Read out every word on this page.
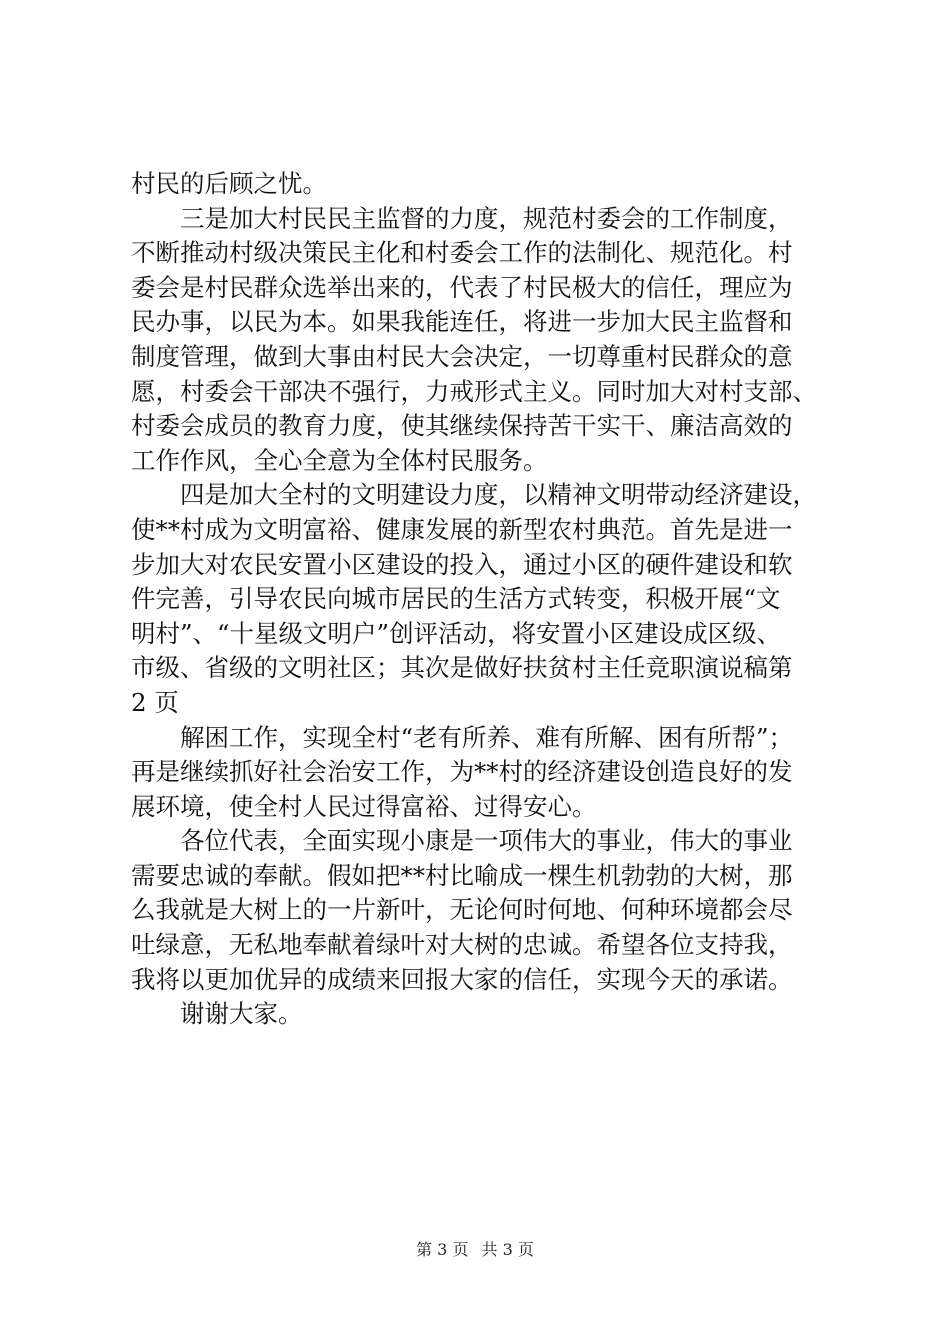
村民的后顾之忧。
三是加大村民民主监督的力度，规范村委会的工作制度，
不断推动村级决策民主化和村委会工作的法制化、规范化。村
委会是村民群众选举出来的，代表了村民极大的信任，理应为
民办事，以民为本。如果我能连任，将进一步加大民主监督和
制度管理，做到大事由村民大会决定，一切尊重村民群众的意
愿，村委会干部决不强行，力戒形式主义。同时加大对村支部、
村委会成员的教育力度，使其继续保持苦干实干、廉洁高效的
工作作风，全心全意为全体村民服务。
四是加大全村的文明建设力度，以精神文明带动经济建设，
使**村成为文明富裕、健康发展的新型农村典范。首先是进一
步加大对农民安置小区建设的投入，通过小区的硬件建设和软
件完善，引导农民向城市居民的生活方式转变，积极开展“文
明村”、“十星级文明户”创评活动，将安置小区建设成区级、
市级、省级的文明社区；其次是做好扶贫村主任竞职演说稿第
2 页
解困工作，实现全村“老有所养、难有所解、困有所帮”；
再是继续抓好社会治安工作，为**村的经济建设创造良好的发
展环境，使全村人民过得富裕、过得安心。
各位代表，全面实现小康是一项伟大的事业，伟大的事业
需要忠诚的奉献。假如把**村比喻成一棵生机勃勃的大树，那
么我就是大树上的一片新叶，无论何时何地、何种环境都会尽
吐绿意，无私地奉献着绿叶对大树的忠诚。希望各位支持我，
我将以更加优异的成绩来回报大家的信任，实现今天的承诺。
谢谢大家。
第 3 页 共 3 页
